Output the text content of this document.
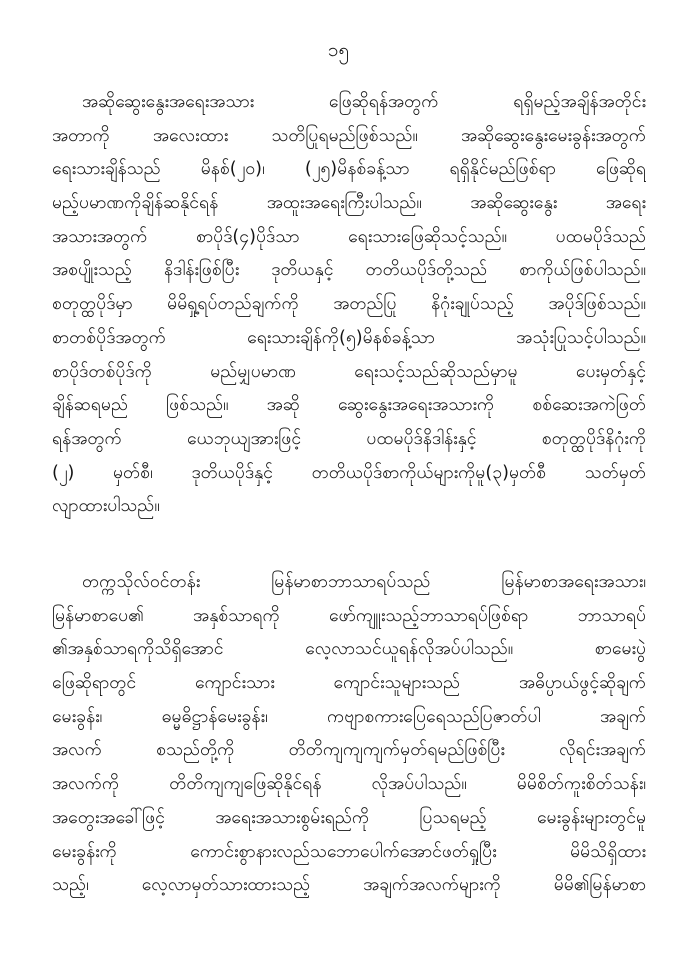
၁၅
အဆိုဆွေးနွေးအရေးအသား ဖြေဆိုရန်အတွက် ရရှိမည့်အချိန်အတိုင်း
အတာကို အလေးထား သတိပြုရမည်ဖြစ်သည်။ အဆိုဆွေးနွေးမေးခွန်းအတွက်
ရေးသားချိန်သည် မိနစ်(၂၀)၊ (၂၅)မိနစ်ခန့်သာ ရရှိနိုင်မည်ဖြစ်ရာ ဖြေဆိုရ
မည့်ပမာဏကိုချိန်ဆနိုင်ရန် အထူးအရေးကြီးပါသည်။ အဆိုဆွေးနွေး အရေး
အသားအတွက် စာပိုဒ်(၄)ပိုဒ်သာ ရေးသားဖြေဆိုသင့်သည်။ ပထမပိုဒ်သည်
အစပျိုးသည့် နိဒါန်းဖြစ်ပြီး ဒုတိယနှင့် တတိယပိုဒ်တို့သည် စာကိုယ်ဖြစ်ပါသည်။
စတုတ္ထပိုဒ်မှာ မိမိရှု့ရပ်တည်ချက်ကို အတည်ပြု နိဂုံးချုပ်သည့် အပိုဒ်ဖြစ်သည်။
စာတစ်ပိုဒ်အတွက် ရေးသားချိန်ကို(၅)မိနစ်ခန့်သာ အသုံးပြုသင့်ပါသည်။
စာပိုဒ်တစ်ပိုဒ်ကို မည်မျှပမာဏ ရေးသင့်သည်ဆိုသည်မှာမူ ပေးမှတ်နှင့်
ချိန်ဆရမည် ဖြစ်သည်။ အဆို ဆွေးနွေးအရေးအသားကို စစ်ဆေးအကဲဖြတ်
ရန်အတွက် ယေဘုယျအားဖြင့် ပထမပိုဒ်နိဒါန်းနှင့် စတုတ္ထပိုဒ်နိဂုံးကို
(၂) မှတ်စီ၊ ဒုတိယပိုဒ်နှင့် တတိယပိုဒ်စာကိုယ်များကိုမူ(၃)မှတ်စီ သတ်မှတ်
လျာထားပါသည်။
တက္ကသိုလ်ဝင်တန်း မြန်မာစာဘာသာရပ်သည် မြန်မာစာအရေးအသား၊
မြန်မာစာပေ၏ အနှစ်သာရကို ဖော်ကျူးသည့်ဘာသာရပ်ဖြစ်ရာ ဘာသာရပ်
၏အနှစ်သာရကိုသိရှိအောင် လေ့လာသင်ယူရန်လိုအပ်ပါသည်။ စာမေးပွဲ
ဖြေဆိုရာတွင် ကျောင်းသား ကျောင်းသူများသည် အဓိပ္ပာယ်ဖွင့်ဆိုချက်
မေးခွန်း၊ ဓမ္မဓိဋ္ဌာန်မေးခွန်း၊ ကဗျာစကားပြေရေသည်ပြဇာတ်ပါ အချက်
အလက် စသည်တို့ကို တိတိကျကျကျက်မှတ်ရမည်ဖြစ်ပြီး လိုရင်းအချက်
အလက်ကို တိတိကျကျဖြေဆိုနိုင်ရန် လိုအပ်ပါသည်။ မိမိစိတ်ကူးစိတ်သန်း၊
အတွေးအခေါ်ဖြင့် အရေးအသားစွမ်းရည်ကို ပြသရမည့် မေးခွန်းများတွင်မူ
မေးခွန်းကို ကောင်းစွာနားလည်သဘောပေါက်အောင်ဖတ်ရှုပြီး မိမိသိရှိထား
သည့်၊ လေ့လာမှတ်သားထားသည့် အချက်အလက်များကို မိမိ၏မြန်မာစာ
